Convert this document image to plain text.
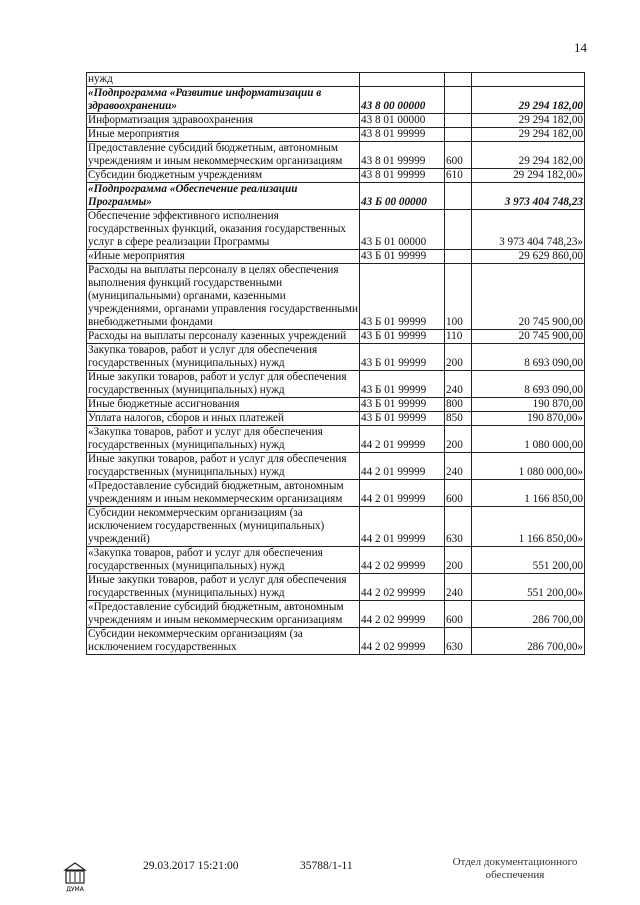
14
нужд			
«Подпрограмма «Развитие информатизации в здравоохранении»	43 8 00 00000		29 294 182,00
Информатизация здравоохранения	43 8 01 00000		29 294 182,00
Иные мероприятия	43 8 01 99999		29 294 182,00
Предоставление субсидий бюджетным, автономным учреждениям и иным некоммерческим организациям	43 8 01 99999	600	29 294 182,00
Субсидии бюджетным учреждениям	43 8 01 99999	610	29 294 182,00»
«Подпрограмма «Обеспечение реализации Программы»	43 Б 00 00000		3 973 404 748,23
Обеспечение эффективного исполнения государственных функций, оказания государственных услуг в сфере реализации Программы	43 Б 01 00000		3 973 404 748,23»
«Иные мероприятия	43 Б 01 99999		29 629 860,00
Расходы на выплаты персоналу в целях обеспечения выполнения функций государственными (муниципальными) органами, казенными учреждениями, органами управления государственными внебюджетными фондами	43 Б 01 99999	100	20 745 900,00
Расходы на выплаты персоналу казенных учреждений	43 Б 01 99999	110	20 745 900,00
Закупка товаров, работ и услуг для обеспечения государственных (муниципальных) нужд	43 Б 01 99999	200	8 693 090,00
Иные закупки товаров, работ и услуг для обеспечения государственных (муниципальных) нужд	43 Б 01 99999	240	8 693 090,00
Иные бюджетные ассигнования	43 Б 01 99999	800	190 870,00
Уплата налогов, сборов и иных платежей	43 Б 01 99999	850	190 870,00»
«Закупка товаров, работ и услуг для обеспечения государственных (муниципальных) нужд	44 2 01 99999	200	1 080 000,00
Иные закупки товаров, работ и услуг для обеспечения государственных (муниципальных) нужд	44 2 01 99999	240	1 080 000,00»
«Предоставление субсидий бюджетным, автономным учреждениям и иным некоммерческим организациям	44 2 01 99999	600	1 166 850,00
Субсидии некоммерческим организациям (за исключением государственных (муниципальных) учреждений)	44 2 01 99999	630	1 166 850,00»
«Закупка товаров, работ и услуг для обеспечения государственных (муниципальных) нужд	44 2 02 99999	200	551 200,00
Иные закупки товаров, работ и услуг для обеспечения государственных (муниципальных) нужд	44 2 02 99999	240	551 200,00»
«Предоставление субсидий бюджетным, автономным учреждениям и иным некоммерческим организациям	44 2 02 99999	600	286 700,00
Субсидии некоммерческим организациям (за исключением государственных	44 2 02 99999	630	286 700,00»
ДУМА
29.03.2017 15:21:00	35788/1-11	Отдел документационного
обеспечения
